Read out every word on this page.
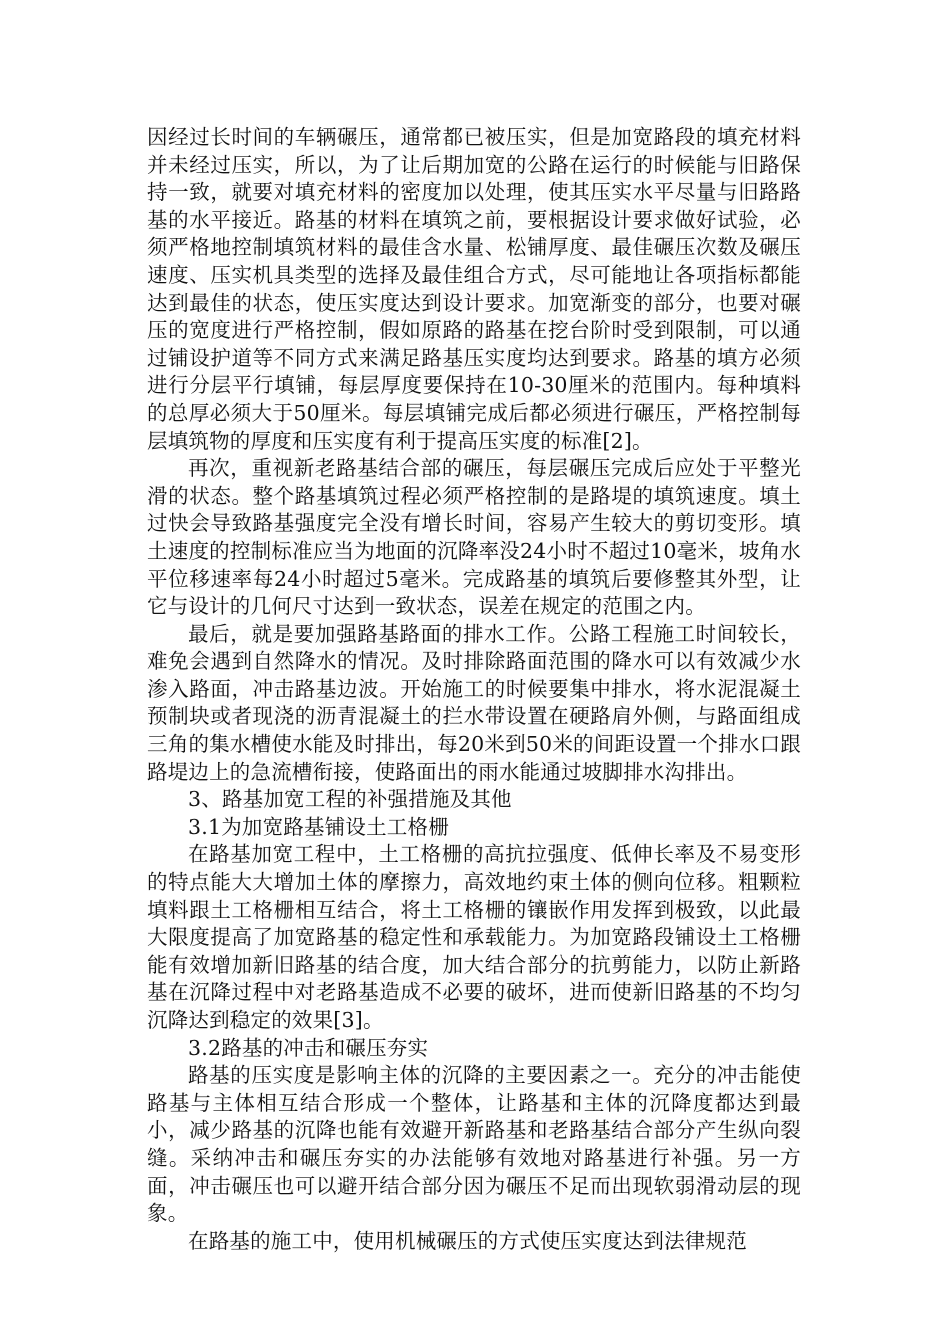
因经过长时间的车辆碾压，通常都已被压实，但是加宽路段的填充材料并未经过压实，所以，为了让后期加宽的公路在运行的时候能与旧路保持一致，就要对填充材料的密度加以处理，使其压实水平尽量与旧路路基的水平接近。路基的材料在填筑之前，要根据设计要求做好试验，必须严格地控制填筑材料的最佳含水量、松铺厚度、最佳碾压次数及碾压速度、压实机具类型的选择及最佳组合方式，尽可能地让各项指标都能达到最佳的状态，使压实度达到设计要求。加宽渐变的部分，也要对碾压的宽度进行严格控制，假如原路的路基在挖台阶时受到限制，可以通过铺设护道等不同方式来满足路基压实度均达到要求。路基的填方必须进行分层平行填铺，每层厚度要保持在10-30厘米的范围内。每种填料的总厚必须大于50厘米。每层填铺完成后都必须进行碾压，严格控制每层填筑物的厚度和压实度有利于提高压实度的标准[2]。

再次，重视新老路基结合部的碾压，每层碾压完成后应处于平整光滑的状态。整个路基填筑过程必须严格控制的是路堤的填筑速度。填土过快会导致路基强度完全没有增长时间，容易产生较大的剪切变形。填土速度的控制标准应当为地面的沉降率没24小时不超过10毫米，坡角水平位移速率每24小时超过5毫米。完成路基的填筑后要修整其外型，让它与设计的几何尺寸达到一致状态，误差在规定的范围之内。

最后，就是要加强路基路面的排水工作。公路工程施工时间较长，难免会遇到自然降水的情况。及时排除路面范围的降水可以有效减少水渗入路面，冲击路基边波。开始施工的时候要集中排水，将水泥混凝土预制块或者现浇的沥青混凝土的拦水带设置在硬路肩外侧，与路面组成三角的集水槽使水能及时排出，每20米到50米的间距设置一个排水口跟路堤边上的急流槽衔接，使路面出的雨水能通过坡脚排水沟排出。

3、路基加宽工程的补强措施及其他

3.1为加宽路基铺设土工格栅

在路基加宽工程中，土工格栅的高抗拉强度、低伸长率及不易变形的特点能大大增加土体的摩擦力，高效地约束土体的侧向位移。粗颗粒填料跟土工格栅相互结合，将土工格栅的镶嵌作用发挥到极致，以此最大限度提高了加宽路基的稳定性和承载能力。为加宽路段铺设土工格栅能有效增加新旧路基的结合度，加大结合部分的抗剪能力，以防止新路基在沉降过程中对老路基造成不必要的破坏，进而使新旧路基的不均匀沉降达到稳定的效果[3]。

3.2路基的冲击和碾压夯实

路基的压实度是影响主体的沉降的主要因素之一。充分的冲击能使路基与主体相互结合形成一个整体，让路基和主体的沉降度都达到最小，减少路基的沉降也能有效避开新路基和老路基结合部分产生纵向裂缝。采纳冲击和碾压夯实的办法能够有效地对路基进行补强。另一方面，冲击碾压也可以避开结合部分因为碾压不足而出现软弱滑动层的现象。

在路基的施工中，使用机械碾压的方式使压实度达到法律规范
